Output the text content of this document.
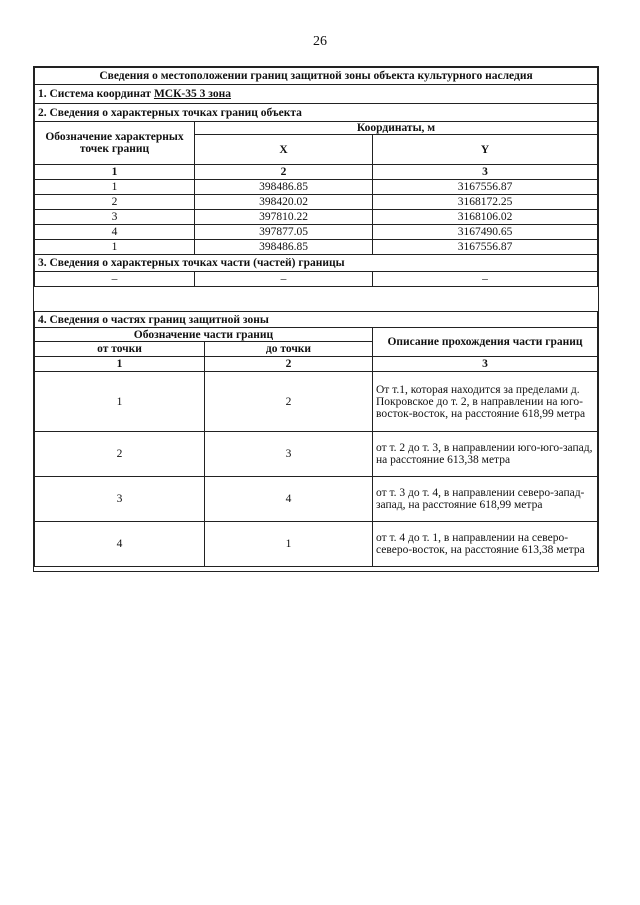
26
Сведения о местоположении границ защитной зоны объекта культурного наследия		
1. Система координат МСК-35 3 зона		
2. Сведения о характерных точках границ объекта		
Обозначение характерных точек границ	Координаты, м	
	X	Y
1	2	3
1	398486.85	3167556.87
2	398420.02	3168172.25
3	397810.22	3168106.02
4	397877.05	3167490.65
1	398486.85	3167556.87
3. Сведения о характерных точках части (частей) границы		
–	–	–
4. Сведения о частях границ защитной зоны		
Обозначение части границ		Описание прохождения части границ
от точки	до точки	
1	2	3
1	2	От т.1, которая находится за пределами д. Покровское до т. 2, в направлении на юго-восток-восток, на расстояние 618,99 метра
2	3	от т. 2 до т. 3, в направлении юго-юго-запад, на расстояние 613,38 метра
3	4	от т. 3 до т. 4, в направлении северо-запад-запад, на расстояние 618,99 метра
4	1	от т. 4 до т. 1, в направлении на северо-северо-восток, на расстояние 613,38 метра
